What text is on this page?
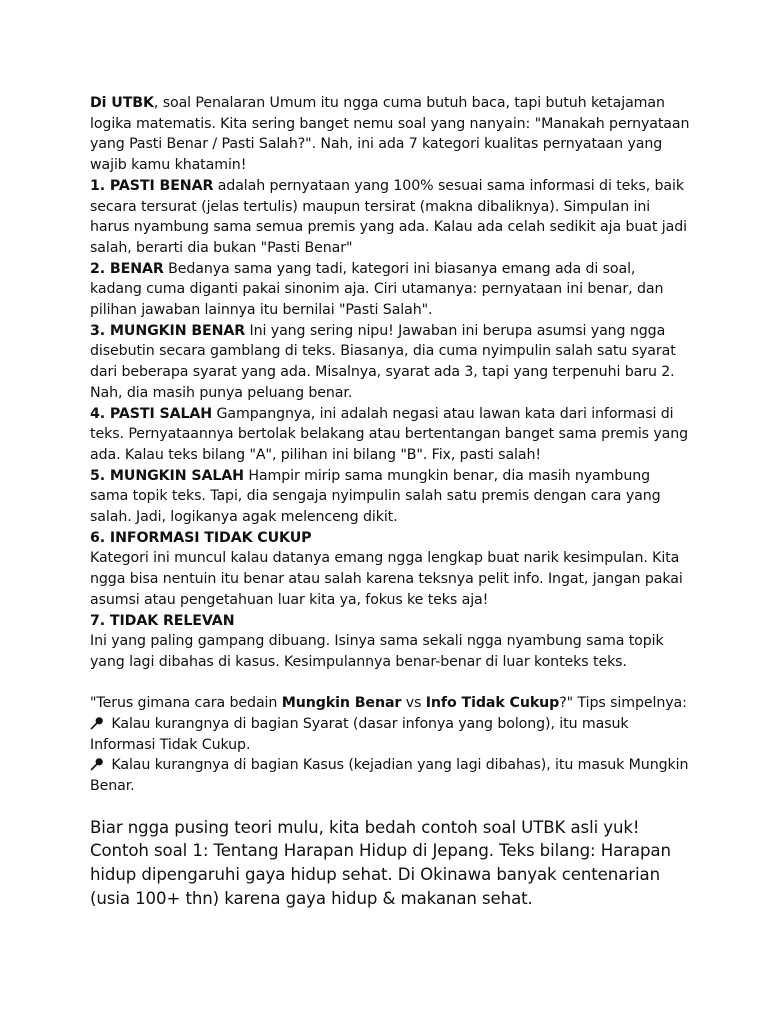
Di UTBK, soal Penalaran Umum itu ngga cuma butuh baca, tapi butuh ketajaman logika matematis. Kita sering banget nemu soal yang nanyain: "Manakah pernyataan yang Pasti Benar / Pasti Salah?". Nah, ini ada 7 kategori kualitas pernyataan yang wajib kamu khatamin!

1. PASTI BENAR adalah pernyataan yang 100% sesuai sama informasi di teks, baik secara tersurat (jelas tertulis) maupun tersirat (makna dibaliknya). Simpulan ini harus nyambung sama semua premis yang ada. Kalau ada celah sedikit aja buat jadi salah, berarti dia bukan "Pasti Benar"

2. BENAR Bedanya sama yang tadi, kategori ini biasanya emang ada di soal, kadang cuma diganti pakai sinonim aja. Ciri utamanya: pernyataan ini benar, dan pilihan jawaban lainnya itu bernilai "Pasti Salah".

3. MUNGKIN BENAR Ini yang sering nipu! Jawaban ini berupa asumsi yang ngga disebutin secara gamblang di teks. Biasanya, dia cuma nyimpulin salah satu syarat dari beberapa syarat yang ada. Misalnya, syarat ada 3, tapi yang terpenuhi baru 2. Nah, dia masih punya peluang benar.

4. PASTI SALAH Gampangnya, ini adalah negasi atau lawan kata dari informasi di teks. Pernyataannya bertolak belakang atau bertentangan banget sama premis yang ada. Kalau teks bilang "A", pilihan ini bilang "B". Fix, pasti salah!

5. MUNGKIN SALAH Hampir mirip sama mungkin benar, dia masih nyambung sama topik teks. Tapi, dia sengaja nyimpulin salah satu premis dengan cara yang salah. Jadi, logikanya agak melenceng dikit.

6. INFORMASI TIDAK CUKUP

Kategori ini muncul kalau datanya emang ngga lengkap buat narik kesimpulan. Kita ngga bisa nentuin itu benar atau salah karena teksnya pelit info. Ingat, jangan pakai asumsi atau pengetahuan luar kita ya, fokus ke teks aja!

7. TIDAK RELEVAN

Ini yang paling gampang dibuang. Isinya sama sekali ngga nyambung sama topik yang lagi dibahas di kasus. Kesimpulannya benar-benar di luar konteks teks.

"Terus gimana cara bedain Mungkin Benar vs Info Tidak Cukup?" Tips simpelnya:

Kalau kurangnya di bagian Syarat (dasar infonya yang bolong), itu masuk Informasi Tidak Cukup.

Kalau kurangnya di bagian Kasus (kejadian yang lagi dibahas), itu masuk Mungkin Benar.

Biar ngga pusing teori mulu, kita bedah contoh soal UTBK asli yuk! Contoh soal 1: Tentang Harapan Hidup di Jepang. Teks bilang: Harapan hidup dipengaruhi gaya hidup sehat. Di Okinawa banyak centenarian (usia 100+ thn) karena gaya hidup & makanan sehat.
